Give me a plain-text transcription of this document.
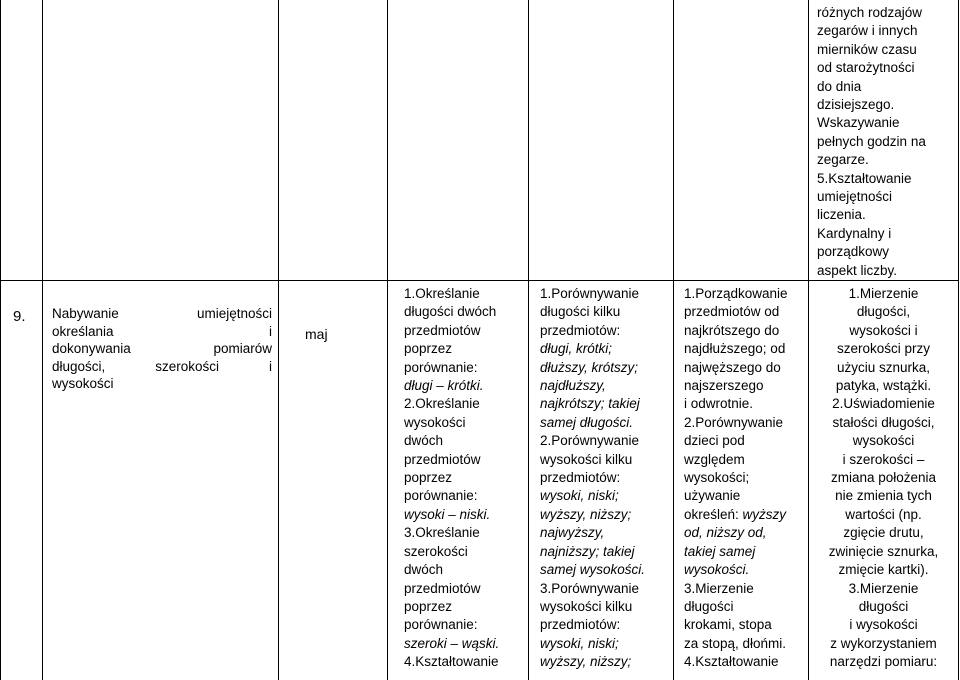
9. Nabywanie umiejętności
określania i
dokonywania pomiarów
długości, szerokości i
wysokości
maj
1.Określanie
długości dwóch
przedmiotów
poprzez
porównanie:
długi – krótki.
2.Określanie
wysokości
dwóch
przedmiotów
poprzez
porównanie:
wysoki – niski.
3.Określanie
szerokości
dwóch
przedmiotów
poprzez
porównanie:
szeroki – wąski.
4.Kształtowanie
1.Porównywanie
długości kilku
przedmiotów:
długi, krótki;
dłuższy, krótszy;
najdłuższy,
najkrótszy; takiej
samej długości.
2.Porównywanie
wysokości kilku
przedmiotów:
wysoki, niski;
wyższy, niższy;
najwyższy,
najniższy; takiej
samej wysokości.
3.Porównywanie
wysokości kilku
przedmiotów:
wysoki, niski;
wyższy, niższy;
1.Porządkowanie
przedmiotów od
najkrótszego do
najdłuższego; od
najwęższego do
najszerszego
i odwrotnie.
2.Porównywanie
dzieci pod
względem
wysokości;
używanie
określeń: wyższy
od, niższy od,
takiej samej
wysokości.
3.Mierzenie
długości
krokami, stopa
za stopą, dłońmi.
4.Kształtowanie
różnych rodzajów
zegarów i innych
mierników czasu
od starożytności
do dnia
dzisiejszego.
Wskazywanie
pełnych godzin na
zegarze.
5.Kształtowanie
umiejętności
liczenia.
Kardynalny i
porządkowy
aspekt liczby.
1.Mierzenie
długości,
wysokości i
szerokości przy
użyciu sznurka,
patyka, wstążki.
2.Uświadomienie
stałości długości,
wysokości
i szerokości –
zmiana położenia
nie zmienia tych
wartości (np.
zgięcie drutu,
zwinięcie sznurka,
zmięcie kartki).
3.Mierzenie
długości
i wysokości
z wykorzystaniem
narzędzi pomiaru:
